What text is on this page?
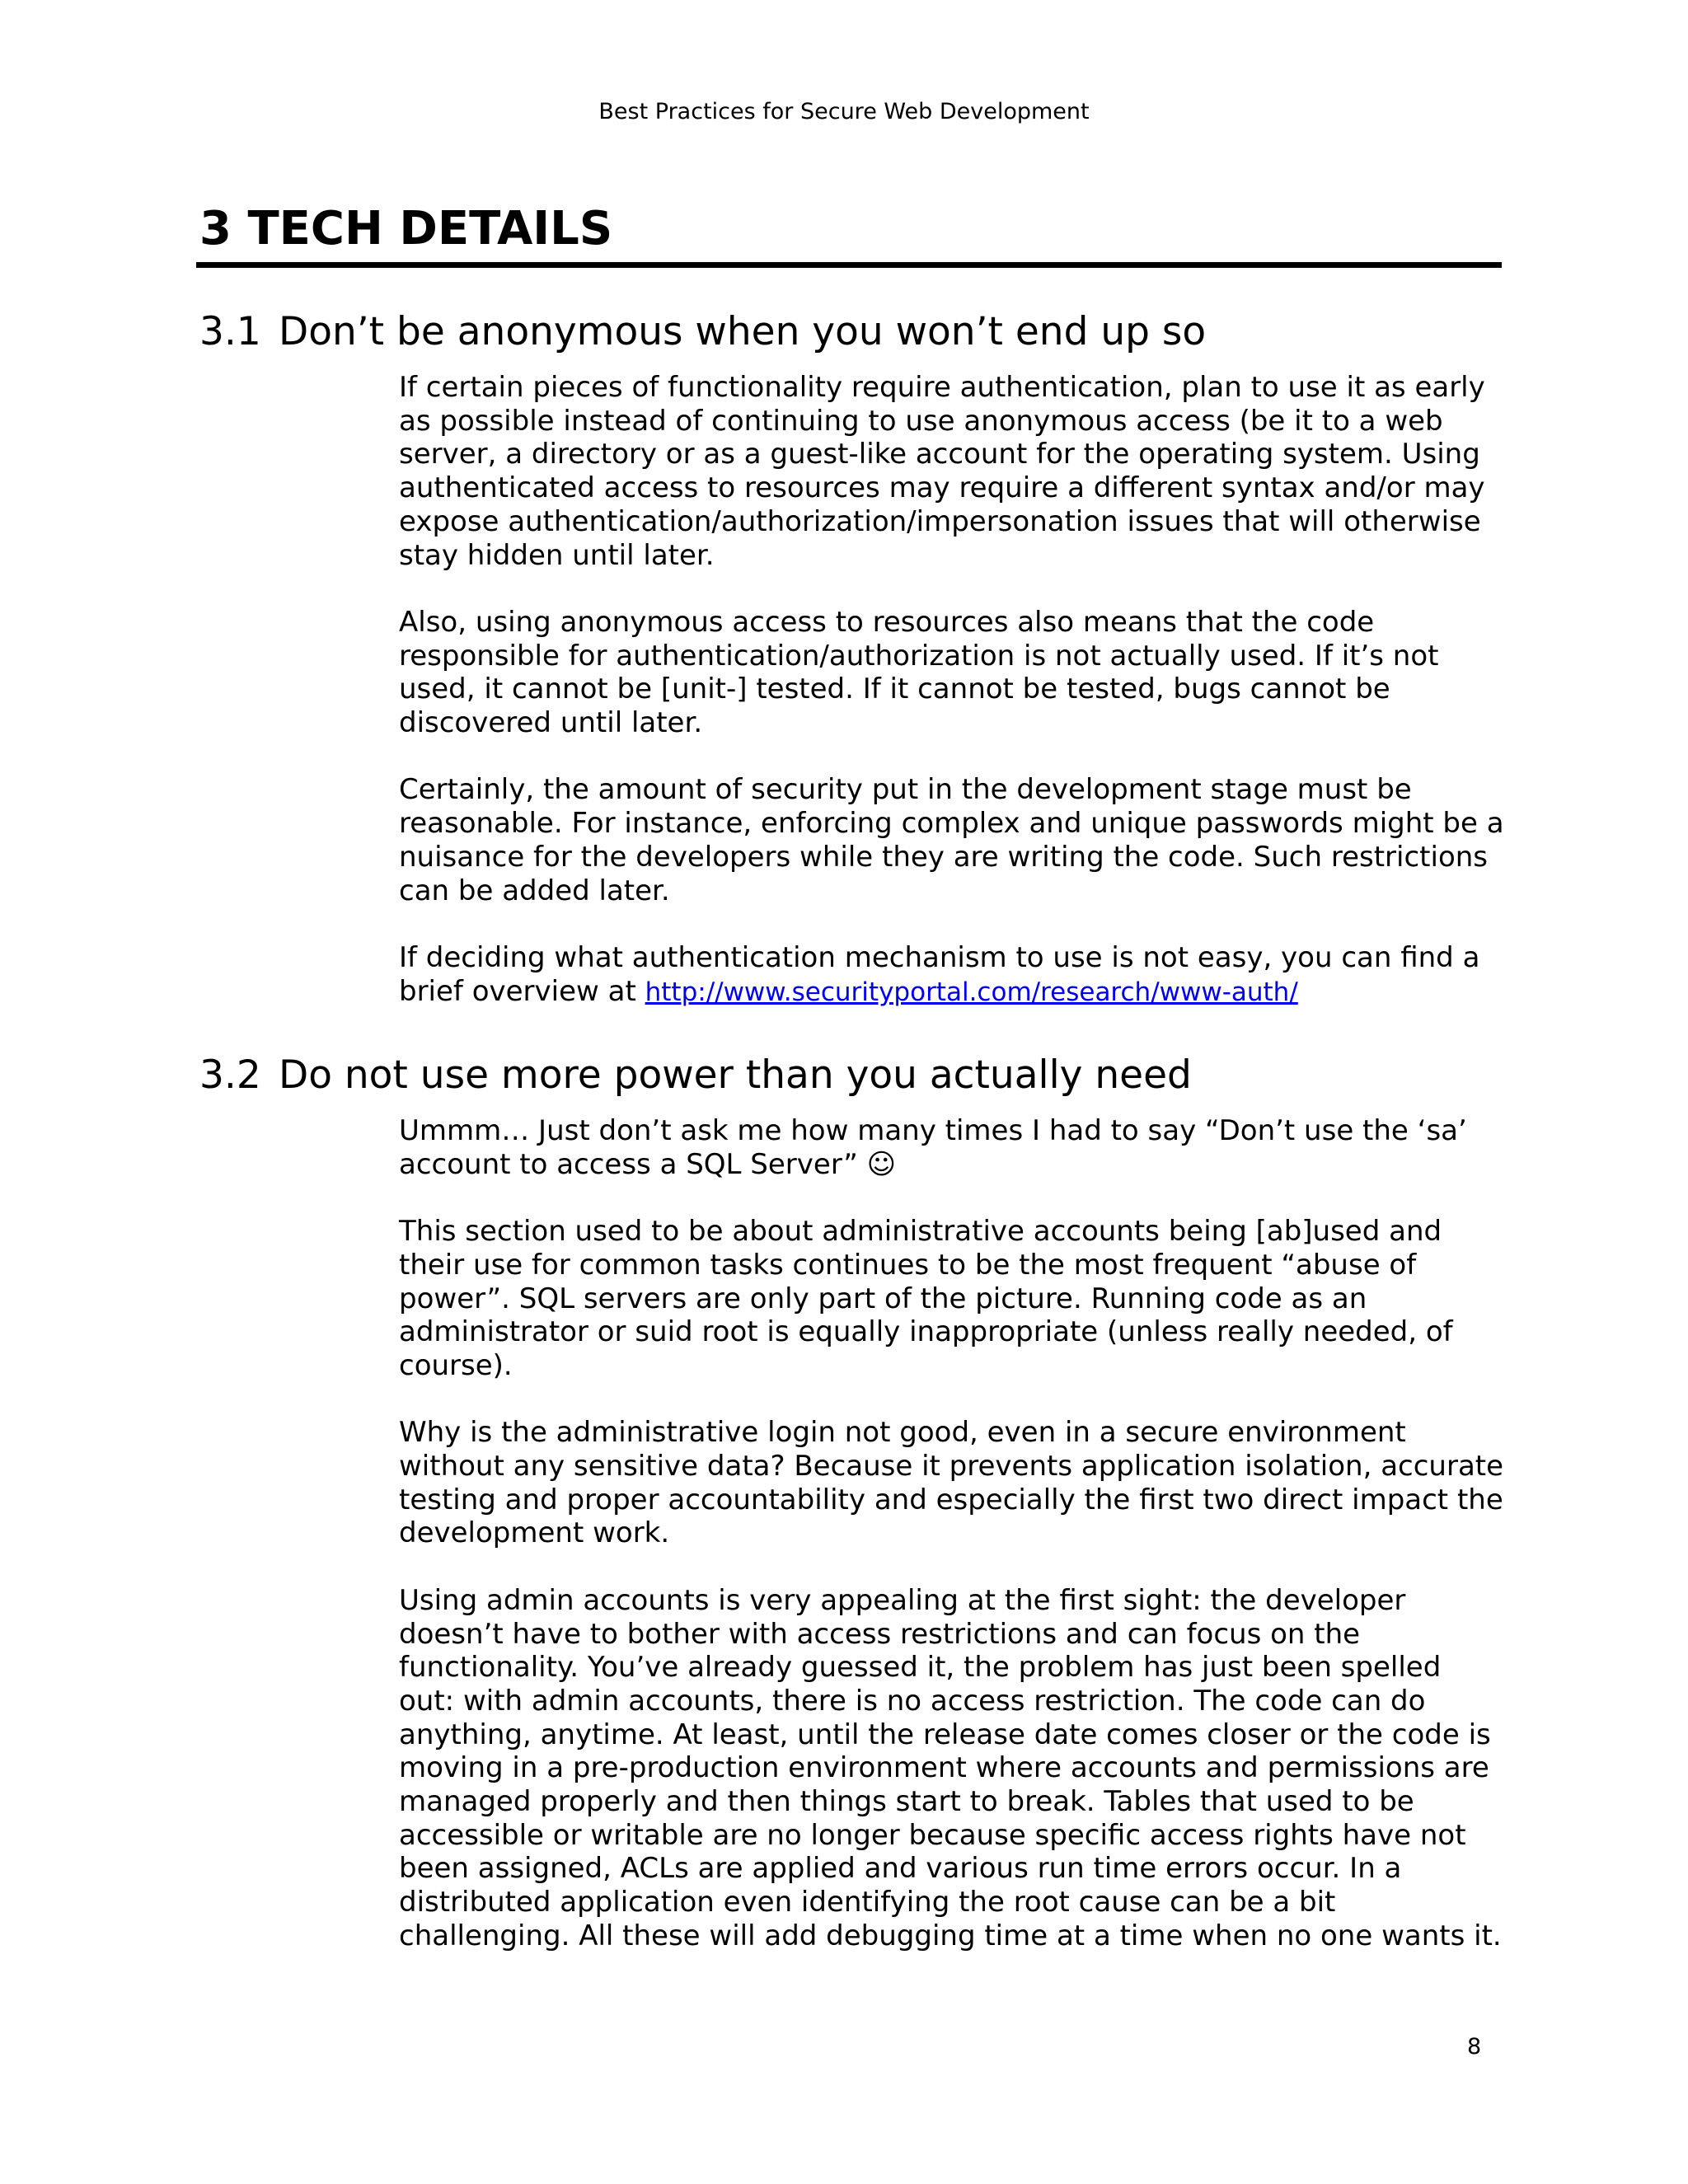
Best Practices for Secure Web Development
3 TECH DETAILS
3.1 Don’t be anonymous when you won’t end up so

If certain pieces of functionality require authentication, plan to use it as early
as possible instead of continuing to use anonymous access (be it to a web
server, a directory or as a guest-like account for the operating system. Using
authenticated access to resources may require a different syntax and/or may
expose authentication/authorization/impersonation issues that will otherwise
stay hidden until later.

Also, using anonymous access to resources also means that the code
responsible for authentication/authorization is not actually used. If it’s not
used, it cannot be [unit-] tested. If it cannot be tested, bugs cannot be
discovered until later.

Certainly, the amount of security put in the development stage must be
reasonable. For instance, enforcing complex and unique passwords might be a
nuisance for the developers while they are writing the code. Such restrictions
can be added later.

If deciding what authentication mechanism to use is not easy, you can find a
brief overview at http://www.securityportal.com/research/www-auth/

3.2 Do not use more power than you actually need

Ummm… Just don’t ask me how many times I had to say “Don’t use the ‘sa’
account to access a SQL Server” ☺

This section used to be about administrative accounts being [ab]used and
their use for common tasks continues to be the most frequent “abuse of
power”. SQL servers are only part of the picture. Running code as an
administrator or suid root is equally inappropriate (unless really needed, of
course).

Why is the administrative login not good, even in a secure environment
without any sensitive data? Because it prevents application isolation, accurate
testing and proper accountability and especially the first two direct impact the
development work.

Using admin accounts is very appealing at the first sight: the developer
doesn’t have to bother with access restrictions and can focus on the
functionality. You’ve already guessed it, the problem has just been spelled
out: with admin accounts, there is no access restriction. The code can do
anything, anytime. At least, until the release date comes closer or the code is
moving in a pre-production environment where accounts and permissions are
managed properly and then things start to break. Tables that used to be
accessible or writable are no longer because specific access rights have not
been assigned, ACLs are applied and various run time errors occur. In a
distributed application even identifying the root cause can be a bit
challenging. All these will add debugging time at a time when no one wants it.

8
